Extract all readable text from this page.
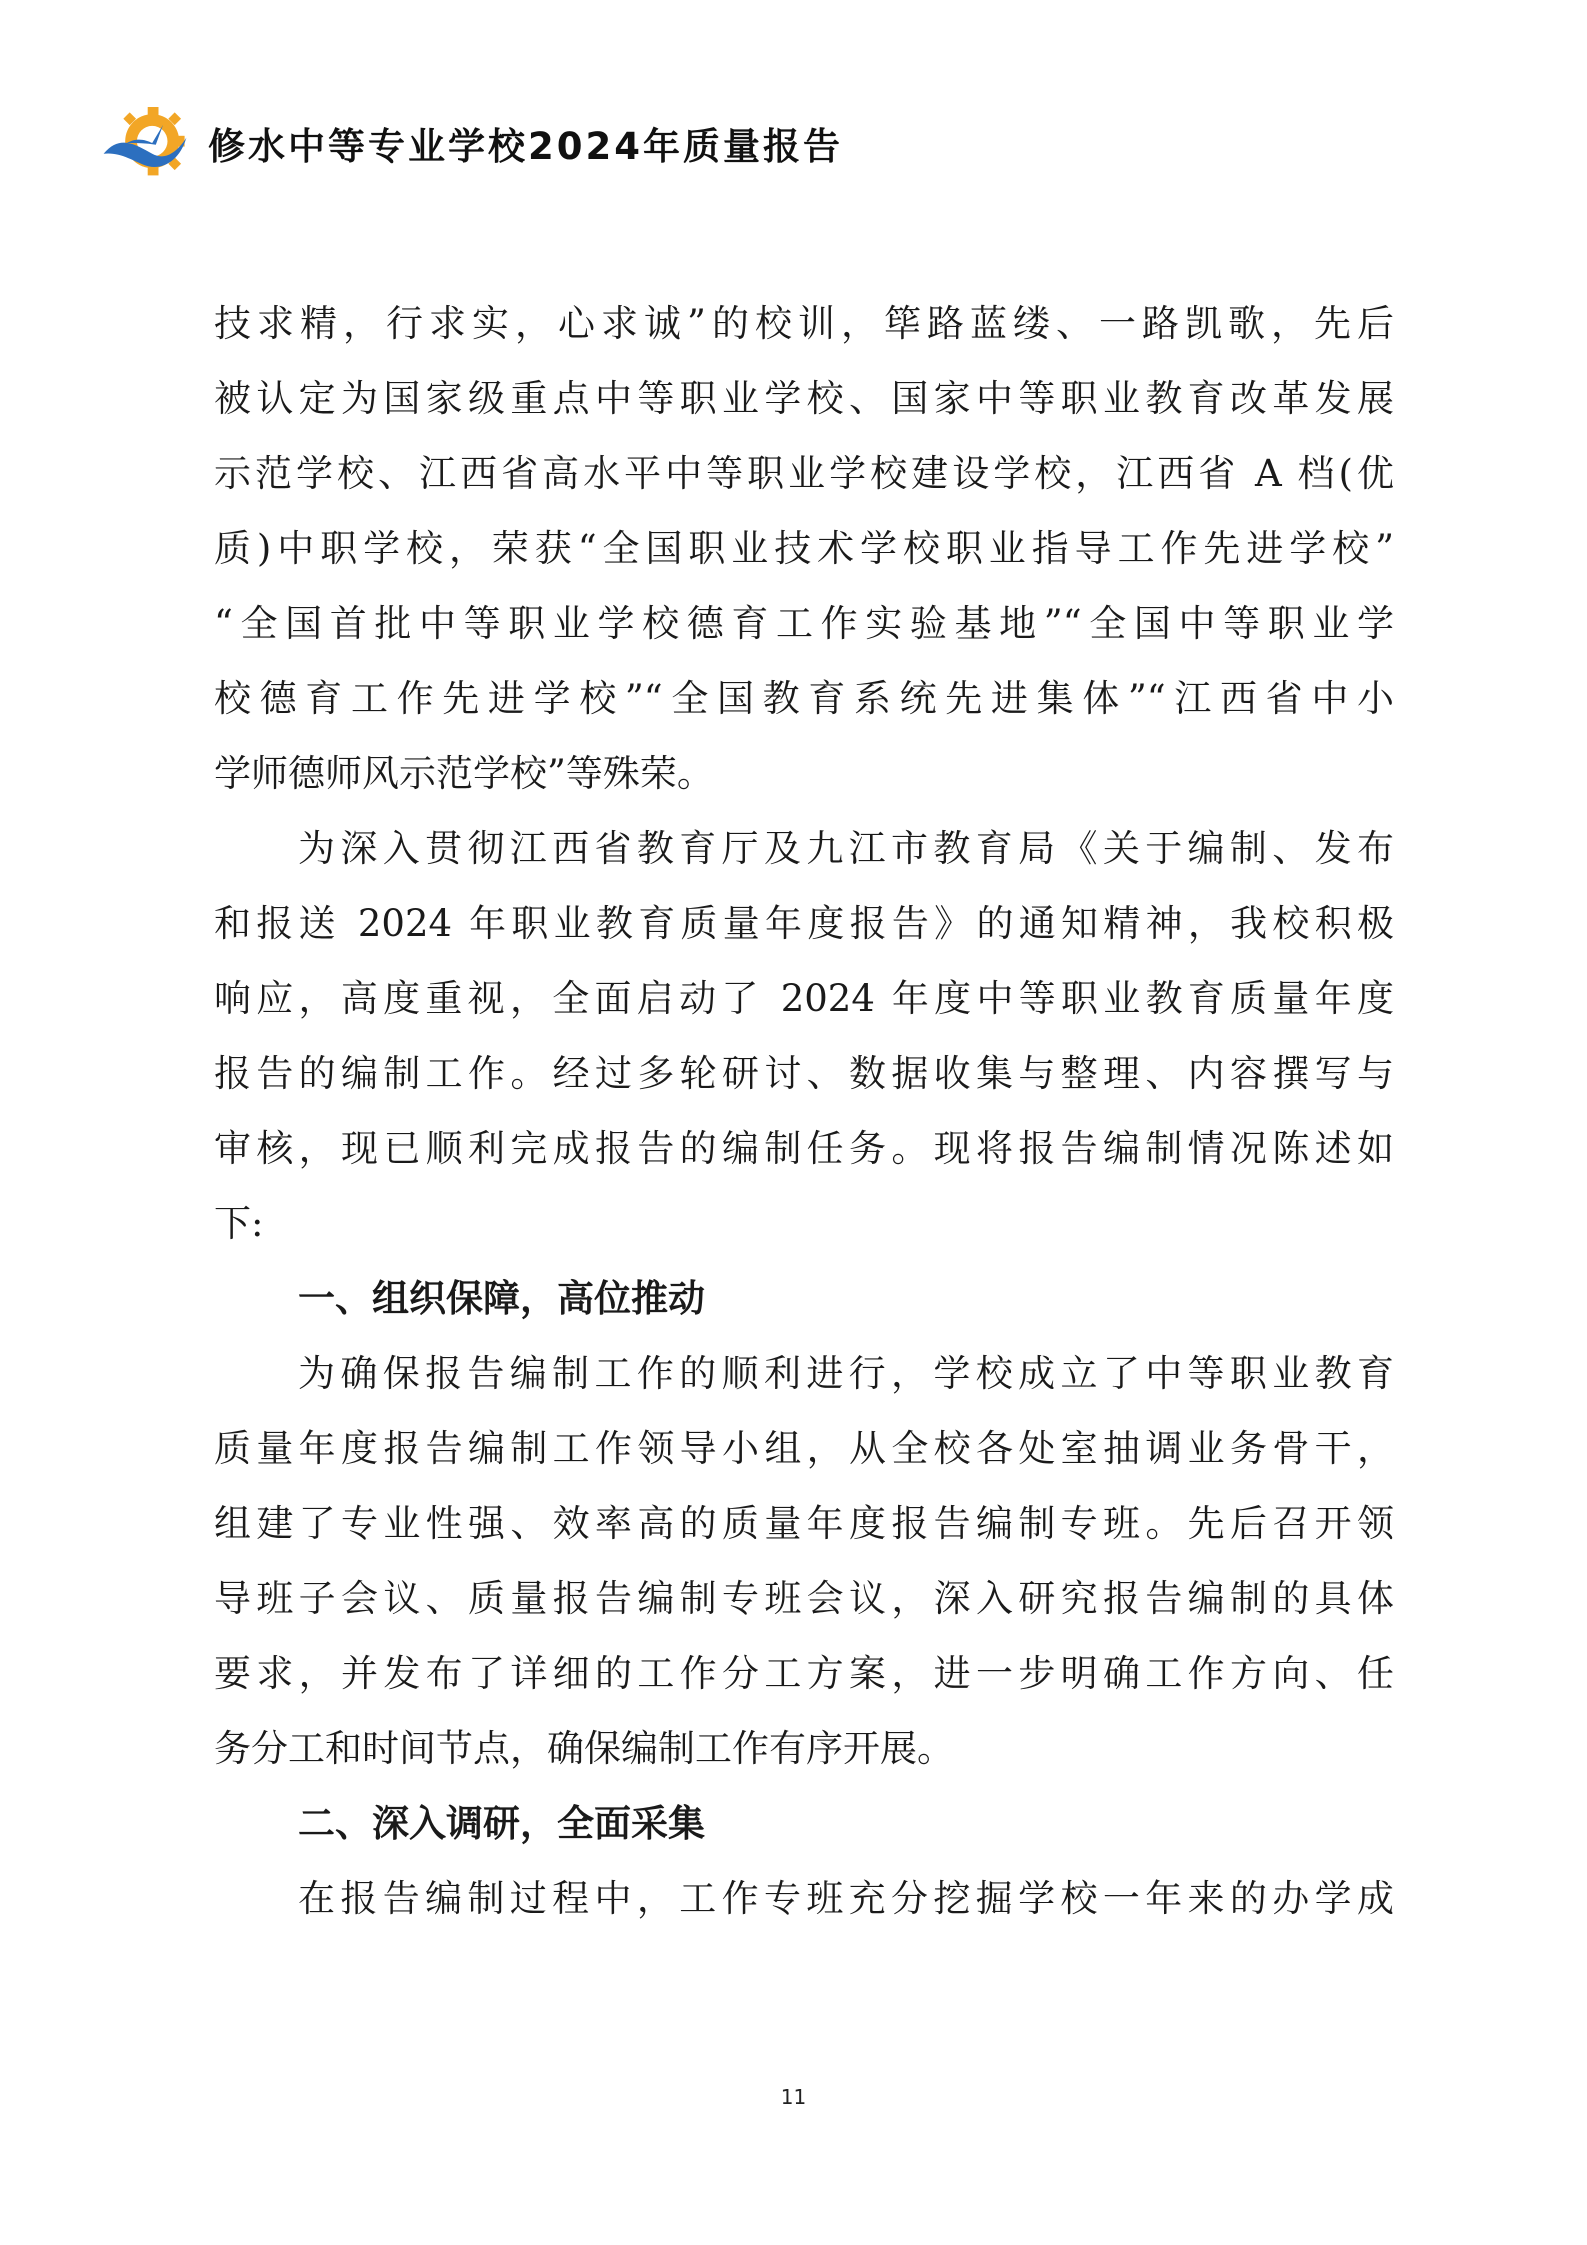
修水中等专业学校2024年质量报告
技求精，行求实，心求诚”的校训，筚路蓝缕、一路凯歌，先后
被认定为国家级重点中等职业学校、国家中等职业教育改革发展
示范学校、江西省高水平中等职业学校建设学校，江西省 A 档(优
质)中职学校，荣获“全国职业技术学校职业指导工作先进学校”
“全国首批中等职业学校德育工作实验基地”“全国中等职业学
校德育工作先进学校”“全国教育系统先进集体”“江西省中小
学师德师风示范学校”等殊荣。
为深入贯彻江西省教育厅及九江市教育局《关于编制、发布
和报送 2024 年职业教育质量年度报告》的通知精神，我校积极
响应，高度重视，全面启动了 2024 年度中等职业教育质量年度
报告的编制工作。经过多轮研讨、数据收集与整理、内容撰写与
审核，现已顺利完成报告的编制任务。现将报告编制情况陈述如
下:
一、组织保障，高位推动
为确保报告编制工作的顺利进行，学校成立了中等职业教育
质量年度报告编制工作领导小组，从全校各处室抽调业务骨干，
组建了专业性强、效率高的质量年度报告编制专班。先后召开领
导班子会议、质量报告编制专班会议，深入研究报告编制的具体
要求，并发布了详细的工作分工方案，进一步明确工作方向、任
务分工和时间节点，确保编制工作有序开展。
二、深入调研，全面采集
在报告编制过程中，工作专班充分挖掘学校一年来的办学成
11
